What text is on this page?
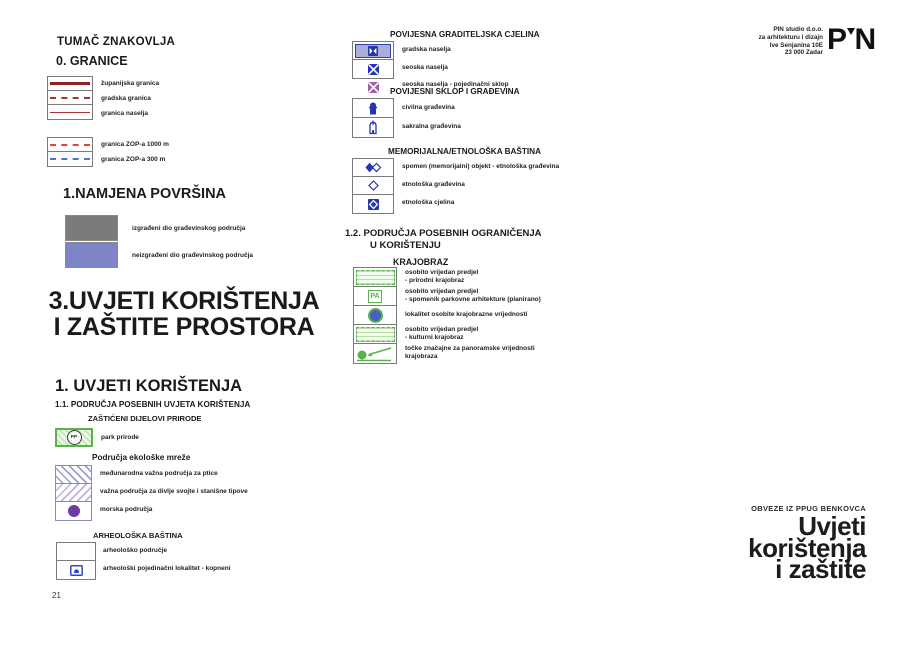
TUMAČ ZNAKOVLJA
0. GRANICE
županijska granica
gradska granica
granica naselja
granica ZOP-a 1000 m
granica ZOP-a 300 m
1.NAMJENA POVRŠINA
izgrađeni dio građevinskog područja
neizgrađeni dio građevinskog područja
3.UVJETI KORIŠTENJA
I ZAŠTITE PROSTORA
1. UVJETI KORIŠTENJA
1.1. PODRUČJA POSEBNIH UVJETA KORIŠTENJA
ZAŠTIĆENI DIJELOVI PRIRODE
PP	park prirode
Područja ekološke mreže
međunarodna važna područja za ptice
važna područja za divlje svojte i stanišne tipove
morska područja
ARHEOLOŠKA BAŠTINA
arheološko područje
arheološki pojedinačni lokalitet - kopneni
21
POVIJESNA GRADITELJSKA CJELINA
gradska naselja
seoska naselja
seoska naselja - pojedinačni sklop
POVIJESNI SKLOP I GRAĐEVINA
civilna građevina
sakralna građevina
MEMORIJALNA/ETNOLOŠKA BAŠTINA
spomen (memorijalni) objekt - etnološka građevina
etnološka građevina
etnološka cjelina
1.2. PODRUČJA POSEBNIH OGRANIČENJA
U KORIŠTENJU
KRAJOBRAZ
PA
osobito vrijedan predjel
- prirodni krajobraz
osobito vrijedan predjel
- spomenik parkovne arhitekture (planirano)
lokalitet osobite krajobrazne vrijednosti
osobito vrijedan predjel
- kulturni krajobraz
točke značajne za panoramske vrijednosti
krajobraza
PIN studio d.o.o.
za arhitekturu i dizajn
Ive Senjanina 10E
23 000 Zadar P N
OBVEZE IZ PPUG BENKOVCA
Uvjeti
korištenja
i zaštite
